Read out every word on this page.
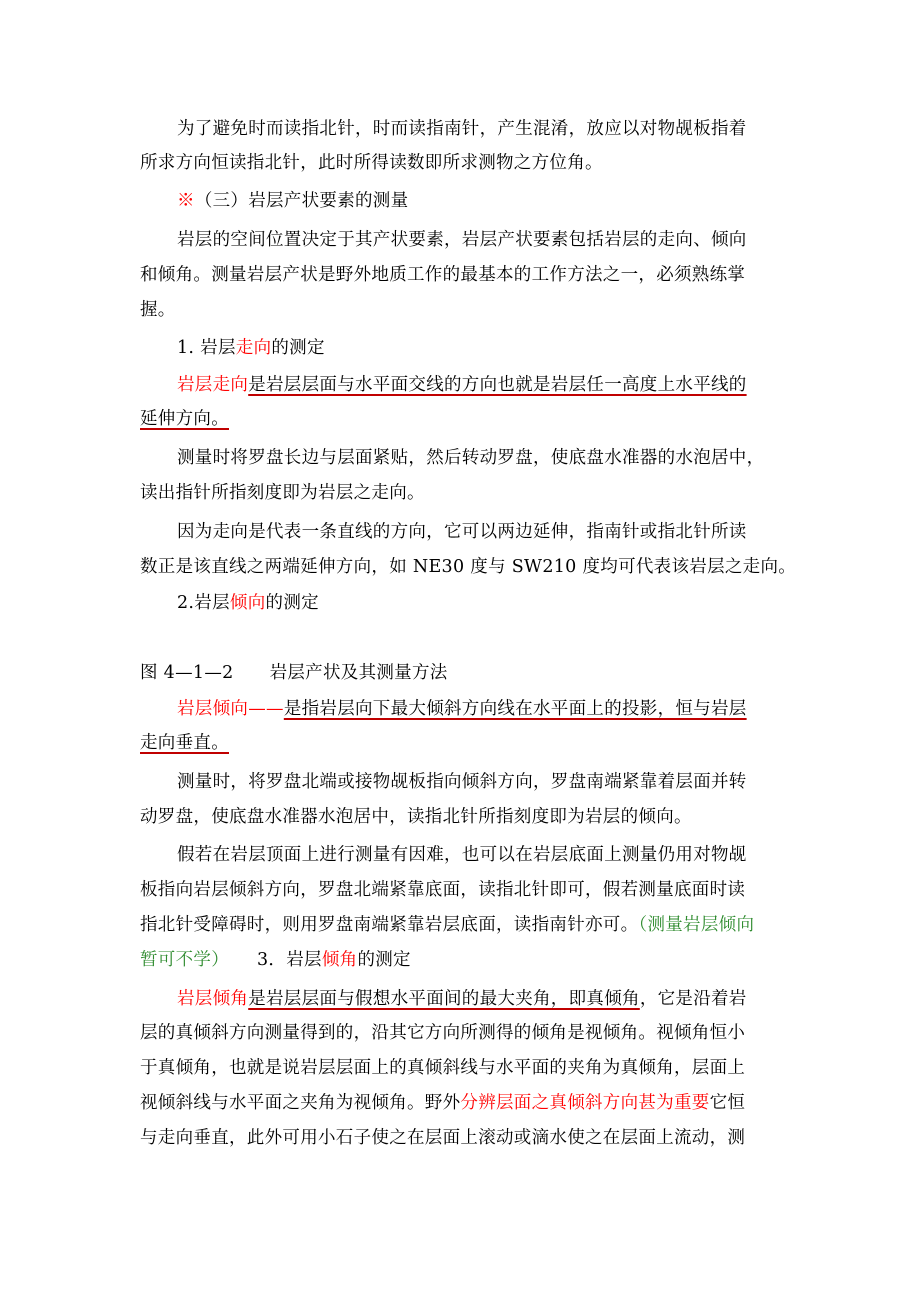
为了避免时而读指北针，时而读指南针，产生混淆，放应以对物觇板指着
所求方向恒读指北针，此时所得读数即所求测物之方位角。
※（三）岩层产状要素的测量
岩层的空间位置决定于其产状要素，岩层产状要素包括岩层的走向、倾向
和倾角。测量岩层产状是野外地质工作的最基本的工作方法之一，必须熟练掌
握。
1. 岩层走向的测定
岩层走向是岩层层面与水平面交线的方向也就是岩层任一高度上水平线的
延伸方向。
测量时将罗盘长边与层面紧贴，然后转动罗盘，使底盘水准器的水泡居中，
读出指针所指刻度即为岩层之走向。
因为走向是代表一条直线的方向，它可以两边延伸，指南针或指北针所读
数正是该直线之两端延伸方向，如 NE30 度与 SW210 度均可代表该岩层之走向。
2.岩层倾向的测定
图 4—1—2 岩层产状及其测量方法
岩层倾向——是指岩层向下最大倾斜方向线在水平面上的投影，恒与岩层
走向垂直。
测量时，将罗盘北端或接物觇板指向倾斜方向，罗盘南端紧靠着层面并转
动罗盘，使底盘水准器水泡居中，读指北针所指刻度即为岩层的倾向。
假若在岩层顶面上进行测量有因难，也可以在岩层底面上测量仍用对物觇
板指向岩层倾斜方向，罗盘北端紧靠底面，读指北针即可，假若测量底面时读
指北针受障碍时，则用罗盘南端紧靠岩层底面，读指南针亦可。（测量岩层倾向
暂可不学） 3．岩层倾角的测定
岩层倾角是岩层层面与假想水平面间的最大夹角，即真倾角，它是沿着岩
层的真倾斜方向测量得到的，沿其它方向所测得的倾角是视倾角。视倾角恒小
于真倾角，也就是说岩层层面上的真倾斜线与水平面的夹角为真倾角，层面上
视倾斜线与水平面之夹角为视倾角。野外分辨层面之真倾斜方向甚为重要它恒
与走向垂直，此外可用小石子使之在层面上滚动或滴水使之在层面上流动，测
